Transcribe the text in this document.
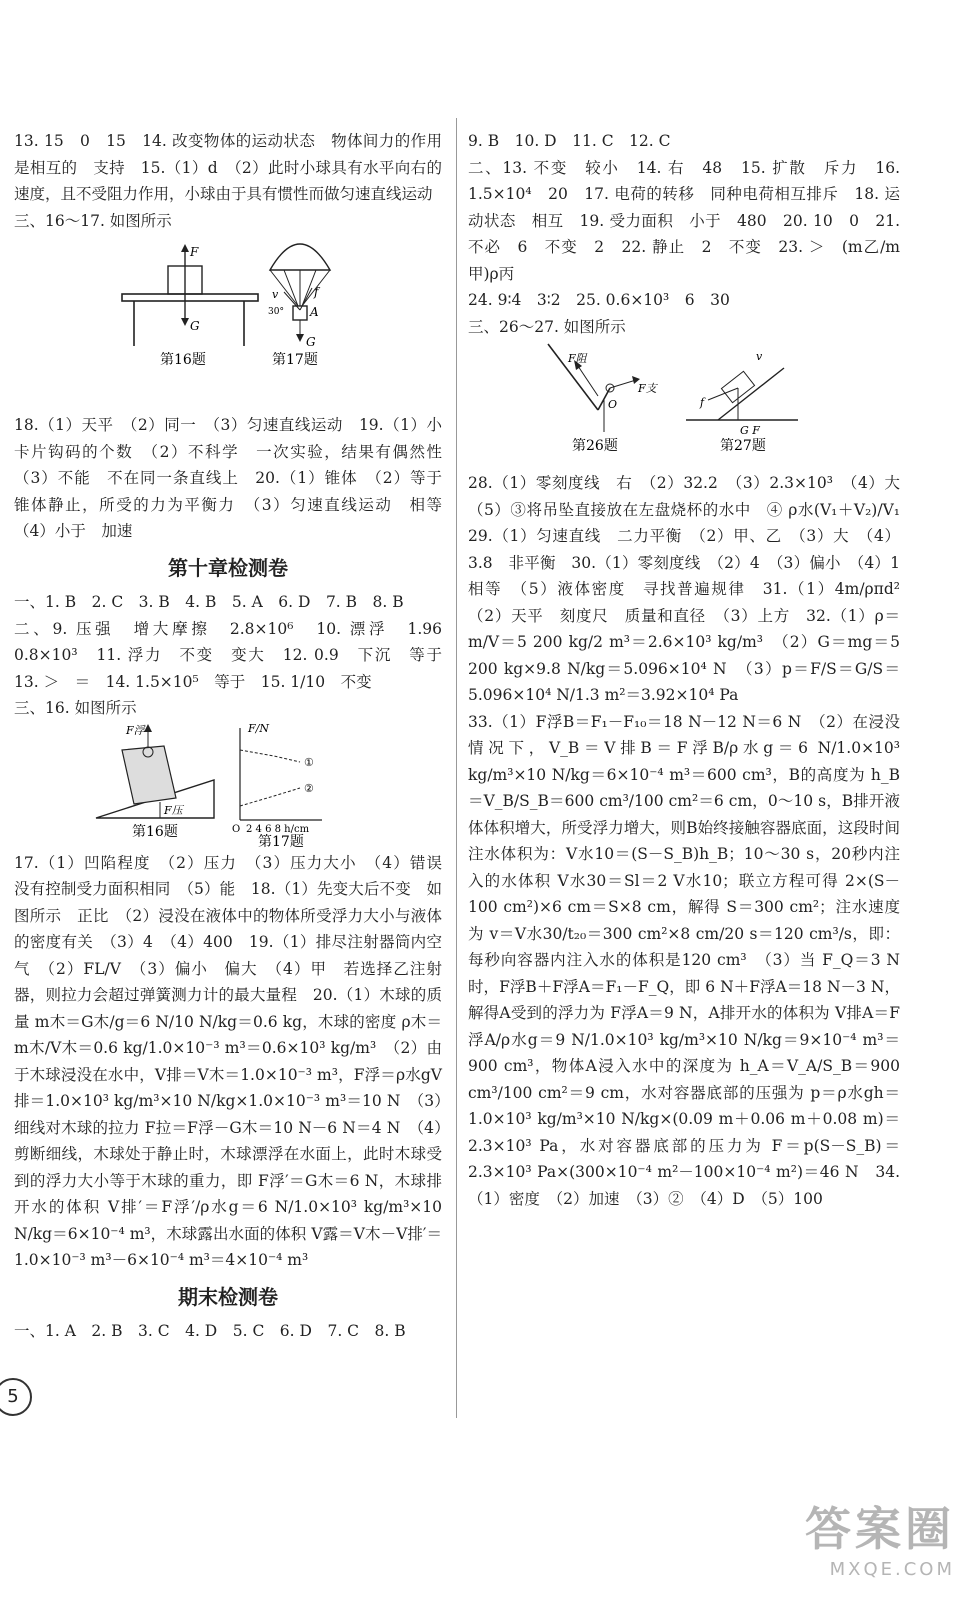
13. 15　0　15　14. 改变物体的运动状态　物体间力的作用是相互的　支持　15.（1）d　（2）此时小球具有水平向右的速度，且不受阻力作用，小球由于具有惯性而做匀速直线运动

三、16～17. 如图所示

F
G
第16题
f
v
30° A
G
第17题

18.（1）天平　（2）同一　（3）匀速直线运动　19.（1）小卡片钩码的个数　（2）不科学　一次实验，结果有偶然性　（3）不能　不在同一条直线上　20.（1）锥体　（2）等于　锥体静止，所受的力为平衡力　（3）匀速直线运动　相等　（4）小于　加速

第十章检测卷

一、1. B　2. C　3. B　4. B　5. A　6. D　7. B　8. B

二、9. 压强　增大摩擦　2.8×10⁶　10. 漂浮　1.96　0.8×10³　11. 浮力　不变　变大　12. 0.9　下沉　等于　13. ＞　＝　14. 1.5×10⁵　等于　15. 1/10　不变

三、16. 如图所示

F浮
F压
第16题
F/N
①
②
O 2 4 6 8 h/cm
第17题

17.（1）凹陷程度　（2）压力　（3）压力大小　（4）错误　没有控制受力面积相同　（5）能　18.（1）先变大后不变　如图所示　正比　（2）浸没在液体中的物体所受浮力大小与液体的密度有关　（3）4　（4）400　19.（1）排尽注射器筒内空气　（2）FL/V　（3）偏小　偏大　（4）甲　若选择乙注射器，则拉力会超过弹簧测力计的最大量程　20.（1）木球的质量 m木＝G木/g＝6 N/10 N/kg＝0.6 kg，木球的密度 ρ木＝m木/V木＝0.6 kg/1.0×10⁻³ m³＝0.6×10³ kg/m³　（2）由于木球浸没在水中，V排＝V木＝1.0×10⁻³ m³，F浮＝ρ水gV排＝1.0×10³ kg/m³×10 N/kg×1.0×10⁻³ m³＝10 N　（3）细线对木球的拉力 F拉＝F浮－G木＝10 N－6 N＝4 N　（4）剪断细线，木球处于静止时，木球漂浮在水面上，此时木球受到的浮力大小等于木球的重力，即 F浮′＝G木＝6 N，木球排开水的体积 V排′＝F浮′/ρ水g＝6 N/1.0×10³ kg/m³×10 N/kg＝6×10⁻⁴ m³，木球露出水面的体积 V露＝V木－V排′＝1.0×10⁻³ m³－6×10⁻⁴ m³＝4×10⁻⁴ m³

期末检测卷

一、1. A　2. B　3. C　4. D　5. C　6. D　7. C　8. B

9. B　10. D　11. C　12. C

二、13. 不变　较小　14. 右　48　15. 扩散　斥力　16. 1.5×10⁴　20　17. 电荷的转移　同种电荷相互排斥　18. 运动状态　相互　19. 受力面积　小于　480　20. 10　0　21. 不必　6　不变　2　22. 静止　2　不变　23. ＞　(m乙/m甲)ρ丙

24. 9∶4　3∶2　25. 0.6×10³　6　30

三、26～27. 如图所示

F阻
F支
O
第26题
f
G F
v
第27题

28.（1）零刻度线　右　（2）32.2　（3）2.3×10³　（4）大　（5）③将吊坠直接放在左盘烧杯的水中　④ ρ水(V₁＋V₂)/V₁　29.（1）匀速直线　二力平衡　（2）甲、乙　（3）大　（4）3.8　非平衡　30.（1）零刻度线　（2）4　（3）偏小　（4）1　相等　（5）液体密度　寻找普遍规律　31.（1）4m/ρπd²　（2）天平　刻度尺　质量和直径　（3）上方　32.（1）ρ＝m/V＝5 200 kg/2 m³＝2.6×10³ kg/m³　（2）G＝mg＝5 200 kg×9.8 N/kg＝5.096×10⁴ N　（3）p＝F/S＝G/S＝5.096×10⁴ N/1.3 m²＝3.92×10⁴ Pa

33.（1）F浮B＝F₁－F₁₀＝18 N－12 N＝6 N　（2）在浸没情况下，V_B＝V排B＝F浮B/ρ水g＝6 N/1.0×10³ kg/m³×10 N/kg＝6×10⁻⁴ m³＝600 cm³，B的高度为 h_B＝V_B/S_B＝600 cm³/100 cm²＝6 cm，0～10 s，B排开液体体积增大，所受浮力增大，则B始终接触容器底面，这段时间注水体积为：V水10＝(S－S_B)h_B；10～30 s，20秒内注入的水体积 V水30＝Sl＝2 V水10；联立方程可得 2×(S－100 cm²)×6 cm＝S×8 cm，解得 S＝300 cm²；注水速度为 v＝V水30/t₂₀＝300 cm²×8 cm/20 s＝120 cm³/s，即：每秒向容器内注入水的体积是120 cm³　（3）当 F_Q＝3 N时，F浮B＋F浮A＝F₁－F_Q，即 6 N＋F浮A＝18 N－3 N，解得A受到的浮力为 F浮A＝9 N，A排开水的体积为 V排A＝F浮A/ρ水g＝9 N/1.0×10³ kg/m³×10 N/kg＝9×10⁻⁴ m³＝900 cm³，物体A浸入水中的深度为 h_A＝V_A/S_B＝900 cm³/100 cm²＝9 cm，水对容器底部的压强为 p＝ρ水gh＝1.0×10³ kg/m³×10 N/kg×(0.09 m＋0.06 m＋0.08 m)＝2.3×10³ Pa，水对容器底部的压力为 F＝p(S－S_B)＝2.3×10³ Pa×(300×10⁻⁴ m²－100×10⁻⁴ m²)＝46 N　34.（1）密度　（2）加速　（3）②　（4）D　（5）100

5
答案圈
MXQE.COM
